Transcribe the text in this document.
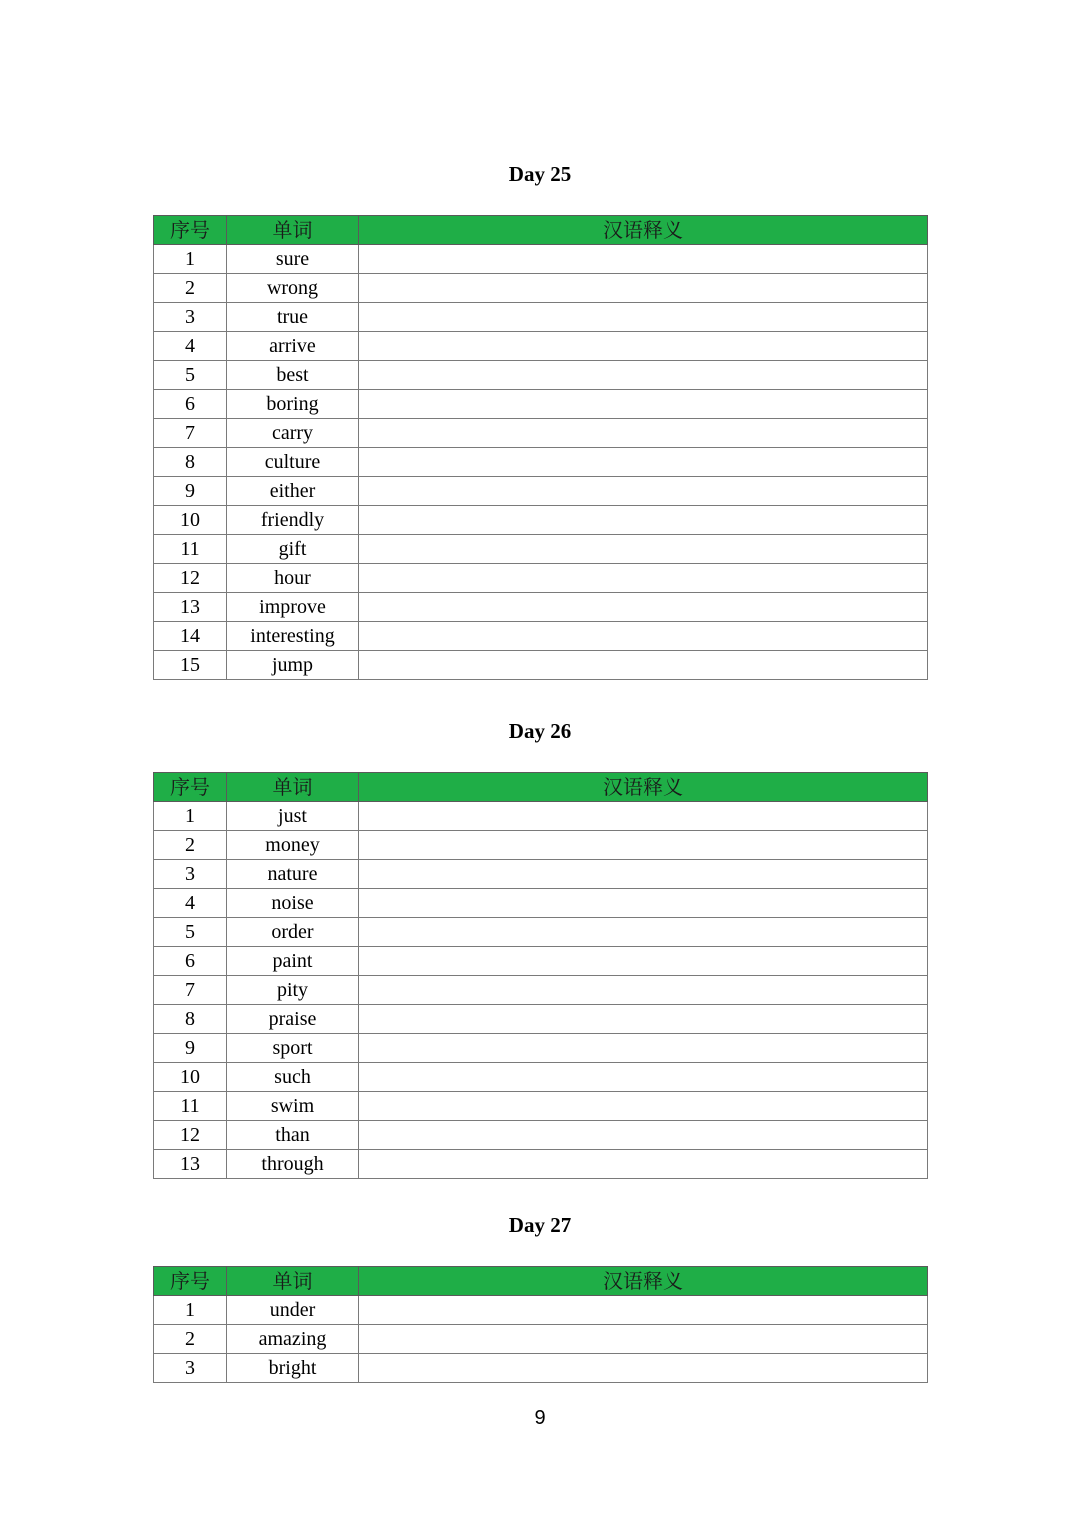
Day 25
序号	单词	汉语释义
1	sure	
2	wrong	
3	true	
4	arrive	
5	best	
6	boring	
7	carry	
8	culture	
9	either	
10	friendly	
11	gift	
12	hour	
13	improve	
14	interesting	
15	jump	
Day 26
序号	单词	汉语释义
1	just	
2	money	
3	nature	
4	noise	
5	order	
6	paint	
7	pity	
8	praise	
9	sport	
10	such	
11	swim	
12	than	
13	through	
Day 27
序号	单词	汉语释义
1	under	
2	amazing	
3	bright	
9
